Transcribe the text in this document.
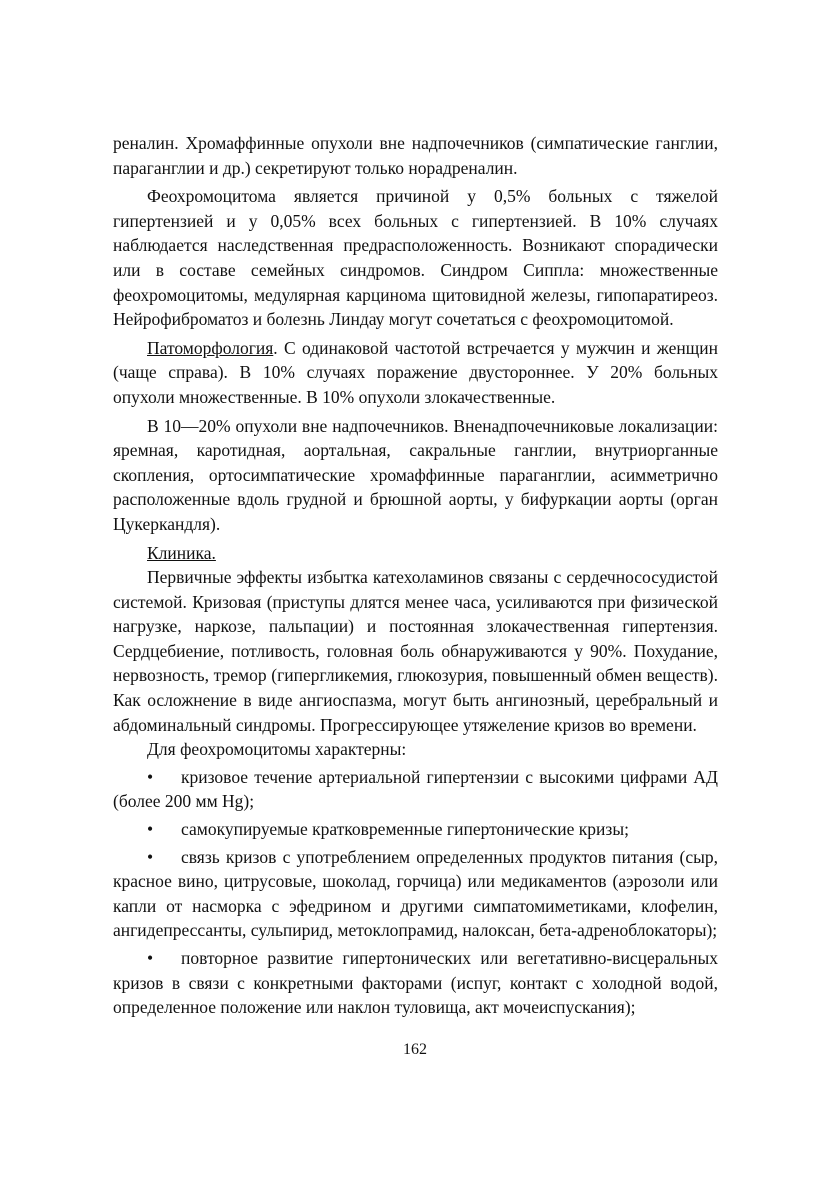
реналин. Хромаффинные опухоли вне надпочечников (симпатические ганглии, параганглии и др.) секретируют только норадреналин.

Феохромоцитома является причиной у 0,5% больных с тяжелой гипертензией и у 0,05% всех больных с гипертензией. В 10% случаях наблюдается наследственная предрасположенность. Возникают спорадически или в составе семейных синдромов. Синдром Сиппла: множественные феохромоцитомы, медулярная карцинома щитовидной железы, гипопаратиреоз. Нейрофиброматоз и болезнь Линдау могут сочетаться с феохромоцитомой.

Патоморфология. С одинаковой частотой встречается у мужчин и женщин (чаще справа). В 10% случаях поражение двустороннее. У 20% больных опухоли множественные. В 10% опухоли злокачественные.

В 10—20% опухоли вне надпочечников. Вненадпочечниковые локализации: яремная, каротидная, аортальная, сакральные ганглии, внутриорганные скопления, ортосимпатические хромаффинные параганглии, асимметрично расположенные вдоль грудной и брюшной аорты, у бифуркации аорты (орган Цукеркандля).

Клиника.

Первичные эффекты избытка катехоламинов связаны с сердечнососудистой системой. Кризовая (приступы длятся менее часа, усиливаются при физической нагрузке, наркозе, пальпации) и постоянная злокачественная гипертензия. Сердцебиение, потливость, головная боль обнаруживаются у 90%. Похудание, нервозность, тремор (гипергликемия, глюкозурия, повышенный обмен веществ). Как осложнение в виде ангиоспазма, могут быть ангинозный, церебральный и абдоминальный синдромы. Прогрессирующее утяжеление кризов во времени.

Для феохромоцитомы характерны:

• кризовое течение артериальной гипертензии с высокими цифрами АД (более 200 мм Hg);
• самокупируемые кратковременные гипертонические кризы;
• связь кризов с употреблением определенных продуктов питания (сыр, красное вино, цитрусовые, шоколад, горчица) или медикаментов (аэрозоли или капли от насморка с эфедрином и другими симпатомиметиками, клофелин, ангидепрессанты, сульпирид, метоклопрамид, налоксан, бета-адреноблокаторы);
• повторное развитие гипертонических или вегетативно-висцеральных кризов в связи с конкретными факторами (испуг, контакт с холодной водой, определенное положение или наклон туловища, акт мочеиспускания);
162
